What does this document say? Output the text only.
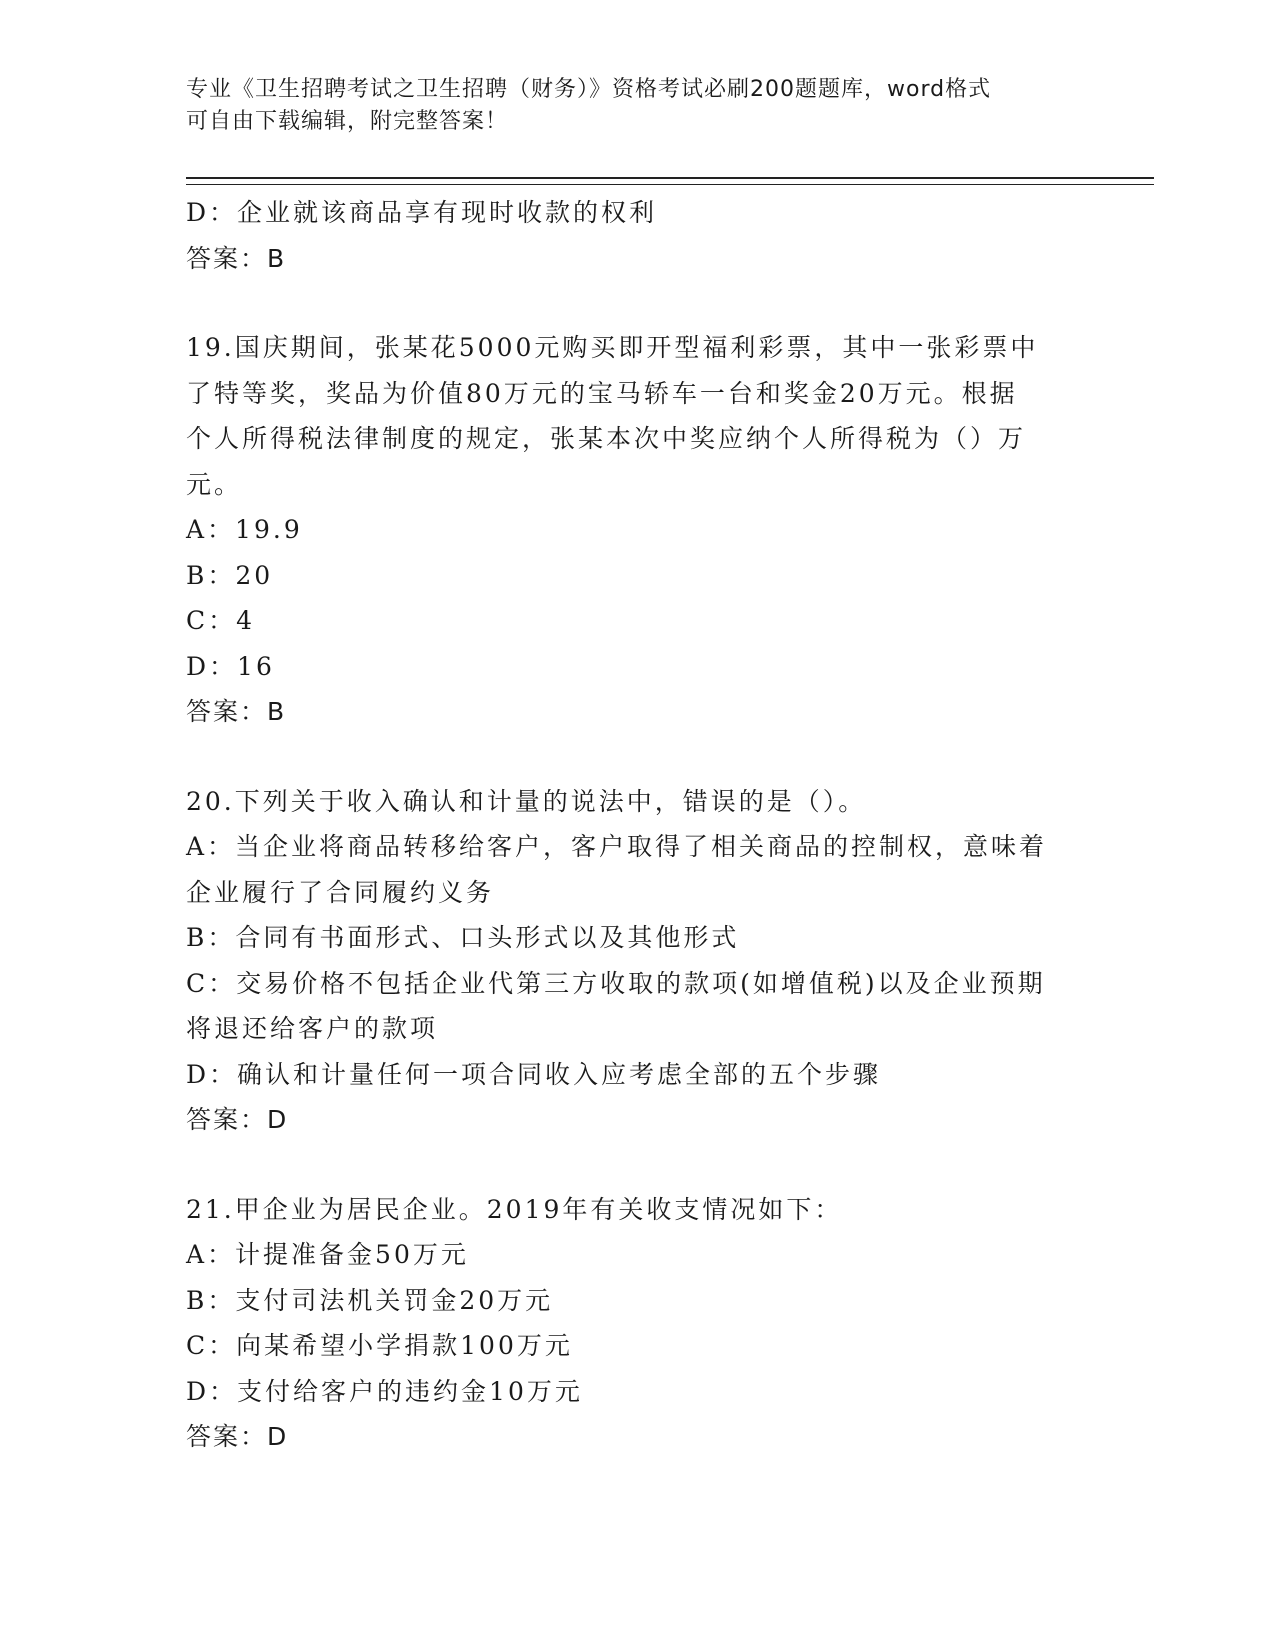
专业《卫生招聘考试之卫生招聘（财务）》资格考试必刷200题题库，word格式
可自由下载编辑，附完整答案！
D：企业就该商品享有现时收款的权利
答案：B
19.国庆期间，张某花5000元购买即开型福利彩票，其中一张彩票中
了特等奖，奖品为价值80万元的宝马轿车一台和奖金20万元。根据
个人所得税法律制度的规定，张某本次中奖应纳个人所得税为（）万
元。
A：19.9
B：20
C：4
D：16
答案：B
20.下列关于收入确认和计量的说法中，错误的是（）。
A：当企业将商品转移给客户，客户取得了相关商品的控制权，意味着
企业履行了合同履约义务
B：合同有书面形式、口头形式以及其他形式
C：交易价格不包括企业代第三方收取的款项(如增值税)以及企业预期
将退还给客户的款项
D：确认和计量任何一项合同收入应考虑全部的五个步骤
答案：D
21.甲企业为居民企业。2019年有关收支情况如下：
A：计提准备金50万元
B：支付司法机关罚金20万元
C：向某希望小学捐款100万元
D：支付给客户的违约金10万元
答案：D
